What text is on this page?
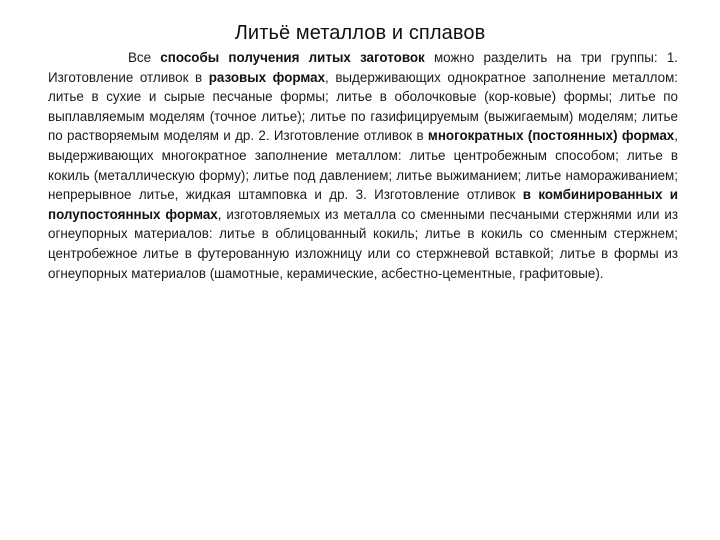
Литьё металлов и сплавов

Все способы получения литых заготовок можно разделить на три группы: 1. Изготовление отливок в разовых формах, выдерживающих однократное заполнение металлом: литье в сухие и сырые песчаные формы; литье в оболочковые (кор-ковые) формы; литье по выплавляемым моделям (точное литье); литье по газифицируемым (выжигаемым) моделям; литье по растворяемым моделям и др. 2. Изготовление отливок в многократных (постоянных) формах, выдерживающих многократное заполнение металлом: литье центробежным способом; литье в кокиль (металлическую форму); литье под давлением; литье выжиманием; литье намораживанием; непрерывное литье, жидкая штамповка и др. 3. Изготовление отливок в комбинированных и полупостоянных формах, изготовляемых из металла со сменными песчаными стержнями или из огнеупорных материалов: литье в облицованный кокиль; литье в кокиль со сменным стержнем; центробежное литье в футерованную изложницу или со стержневой вставкой; литье в формы из огнеупорных материалов (шамотные, керамические, асбестно-цементные, графитовые).
